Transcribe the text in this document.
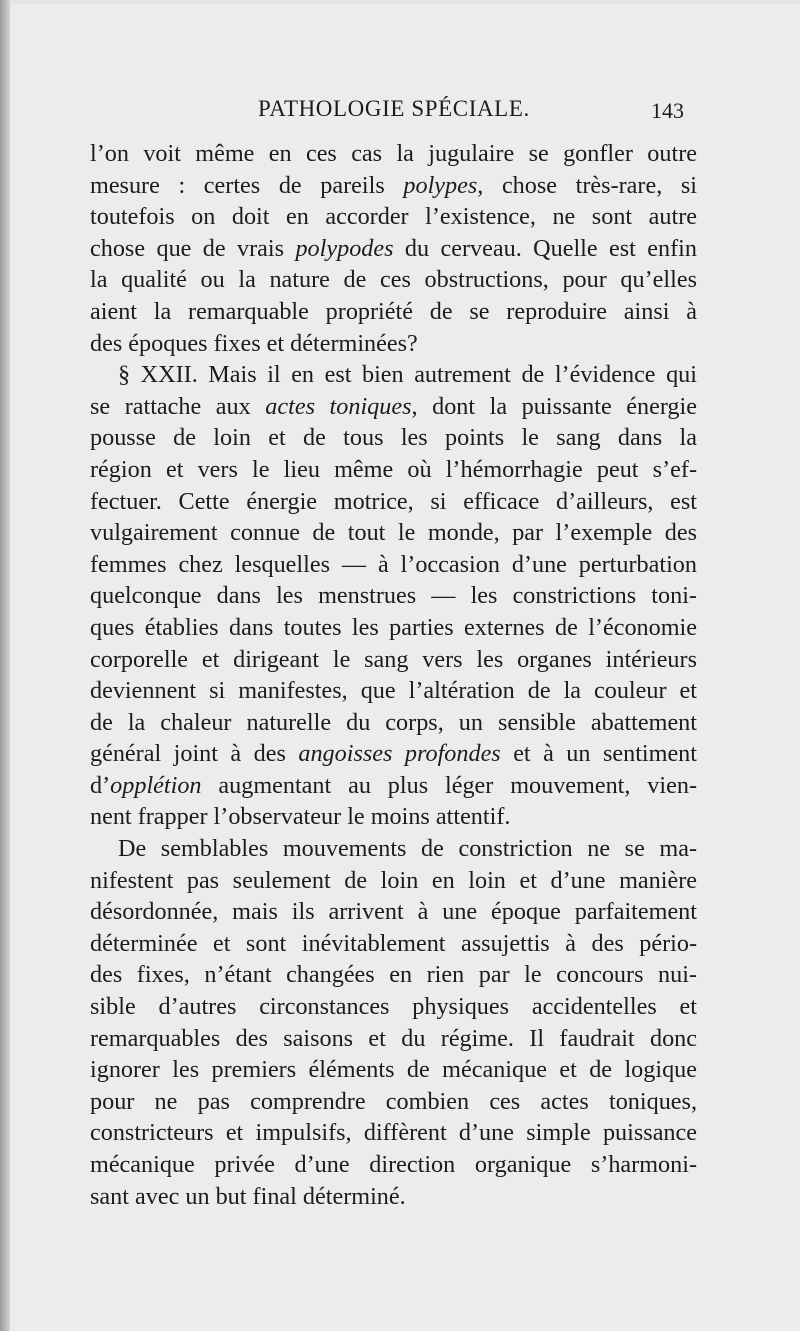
PATHOLOGIE SPÉCIALE.	143
l’on voit même en ces cas la jugulaire se gonfler outre
mesure : certes de pareils polypes, chose très-rare, si
toutefois on doit en accorder l’existence, ne sont autre
chose que de vrais polypodes du cerveau. Quelle est enfin
la qualité ou la nature de ces obstructions, pour qu’elles
aient la remarquable propriété de se reproduire ainsi à
des époques fixes et déterminées?
§ XXII. Mais il en est bien autrement de l’évidence qui
se rattache aux actes toniques, dont la puissante énergie
pousse de loin et de tous les points le sang dans la
région et vers le lieu même où l’hémorrhagie peut s’ef-
fectuer. Cette énergie motrice, si efficace d’ailleurs, est
vulgairement connue de tout le monde, par l’exemple des
femmes chez lesquelles — à l’occasion d’une perturbation
quelconque dans les menstrues — les constrictions toni-
ques établies dans toutes les parties externes de l’économie
corporelle et dirigeant le sang vers les organes intérieurs
deviennent si manifestes, que l’altération de la couleur et
de la chaleur naturelle du corps, un sensible abattement
général joint à des angoisses profondes et à un sentiment
d’opplétion augmentant au plus léger mouvement, vien-
nent frapper l’observateur le moins attentif.
De semblables mouvements de constriction ne se ma-
nifestent pas seulement de loin en loin et d’une manière
désordonnée, mais ils arrivent à une époque parfaitement
déterminée et sont inévitablement assujettis à des pério-
des fixes, n’étant changées en rien par le concours nui-
sible d’autres circonstances physiques accidentelles et
remarquables des saisons et du régime. Il faudrait donc
ignorer les premiers éléments de mécanique et de logique
pour ne pas comprendre combien ces actes toniques,
constricteurs et impulsifs, diffèrent d’une simple puissance
mécanique privée d’une direction organique s’harmoni-
sant avec un but final déterminé.
